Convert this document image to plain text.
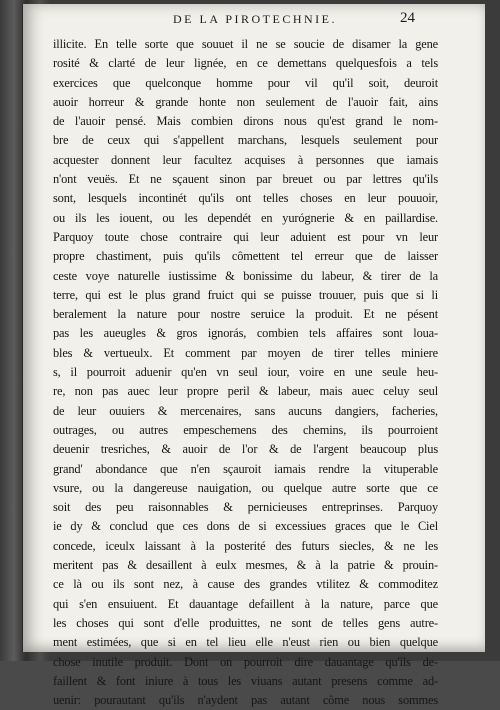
DE LA PIROTECHNIE.	24
illicite. En telle sorte que souuet il ne se soucie de disamer la gene
rosité & clarté de leur lignée, en ce demettans quelquesfois a tels
exercices que quelconque homme pour vil qu'il soit, deuroit
auoir horreur & grande honte non seulement de l'auoir fait, ains
de l'auoir pensé. Mais combien dirons nous qu'est grand le nom-
bre de ceux qui s'appellent marchans, lesquels seulement pour
acquester donnent leur facultez acquises à personnes que iamais
n'ont veuës. Et ne sçauent sinon par breuet ou par lettres qu'ils
sont, lesquels incontinét qu'ils ont telles choses en leur pouuoir,
ou ils les iouent, ou les dependét en yurógnerie & en paillardise.
Parquoy toute chose contraire qui leur aduient est pour vn leur
propre chastiment, puis qu'ils cômettent tel erreur que de laisser
ceste voye naturelle iustissime & bonissime du labeur, & tirer de la
terre, qui est le plus grand fruict qui se puisse trouuer, puis que si li
beralement la nature pour nostre seruice la produit. Et ne pésent
pas les aueugles & gros ignorás, combien tels affaires sont loua-
bles & vertueulx. Et comment par moyen de tirer telles miniere
s, il pourroit aduenir qu'en vn seul iour, voire en une seule heu-
re, non pas auec leur propre peril & labeur, mais auec celuy seul
de leur ouuiers & mercenaires, sans aucuns dangiers, facheries,
outrages, ou autres empeschemens des chemins, ils pourroient
deuenir tresriches, & auoir de l'or & de l'argent beaucoup plus
grand' abondance que n'en sçauroit iamais rendre la vituperable
vsure, ou la dangereuse nauigation, ou quelque autre sorte que ce
soit des peu raisonnables & pernicieuses entreprinses. Parquoy
ie dy & conclud que ces dons de si excessiues graces que le Ciel
concede, iceulx laissant à la posterité des futurs siecles, & ne les
meritent pas & desaillent à eulx mesmes, & à la patrie & prouin-
ce là ou ils sont nez, à cause des grandes vtilitez & commoditez
qui s'en ensuiuent. Et dauantage defaillent à la nature, parce que
les choses qui sont d'elle produittes, ne sont de telles gens autre-
ment estimées, que si en tel lieu elle n'eust rien ou bien quelque
chose inutile produit. Dont on pourroit dire dauantage qu'ils de-
faillent & font iniure à tous les viuans autant presens comme ad-
uenir: pourautant qu'ils n'aydent pas autant côme nous sommes
